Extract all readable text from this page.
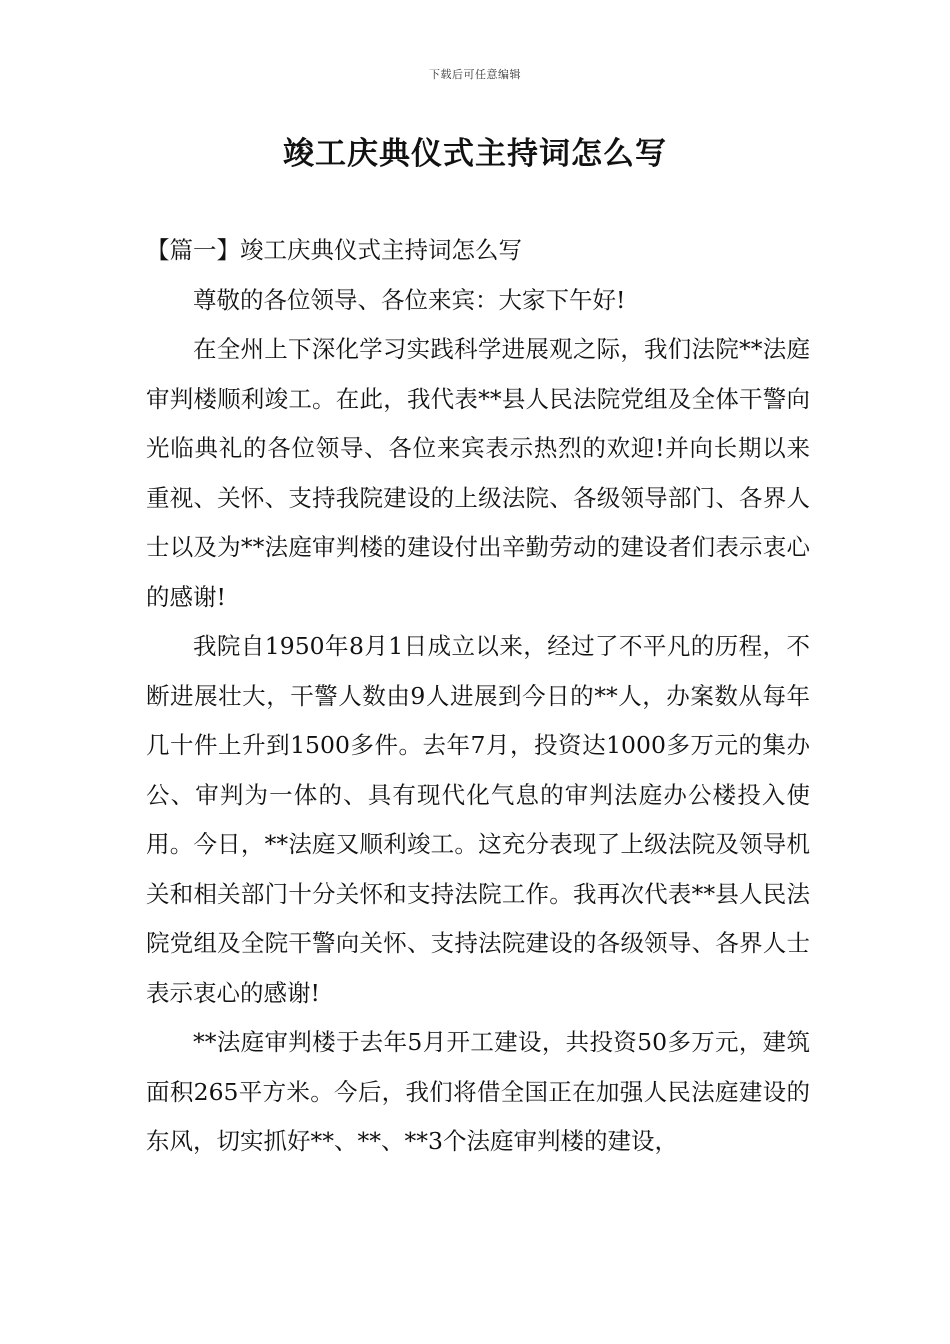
下载后可任意编辑
竣工庆典仪式主持词怎么写

【篇一】竣工庆典仪式主持词怎么写

尊敬的各位领导、各位来宾：大家下午好!

在全州上下深化学习实践科学进展观之际，我们法院**法庭审判楼顺利竣工。在此，我代表**县人民法院党组及全体干警向光临典礼的各位领导、各位来宾表示热烈的欢迎!并向长期以来重视、关怀、支持我院建设的上级法院、各级领导部门、各界人士以及为**法庭审判楼的建设付出辛勤劳动的建设者们表示衷心的感谢!

我院自1950年8月1日成立以来，经过了不平凡的历程，不断进展壮大，干警人数由9人进展到今日的**人，办案数从每年几十件上升到1500多件。去年7月，投资达1000多万元的集办公、审判为一体的、具有现代化气息的审判法庭办公楼投入使用。今日，**法庭又顺利竣工。这充分表现了上级法院及领导机关和相关部门十分关怀和支持法院工作。我再次代表**县人民法院党组及全院干警向关怀、支持法院建设的各级领导、各界人士表示衷心的感谢!

**法庭审判楼于去年5月开工建设，共投资50多万元，建筑面积265平方米。今后，我们将借全国正在加强人民法庭建设的东风，切实抓好**、**、**3个法庭审判楼的建设，
